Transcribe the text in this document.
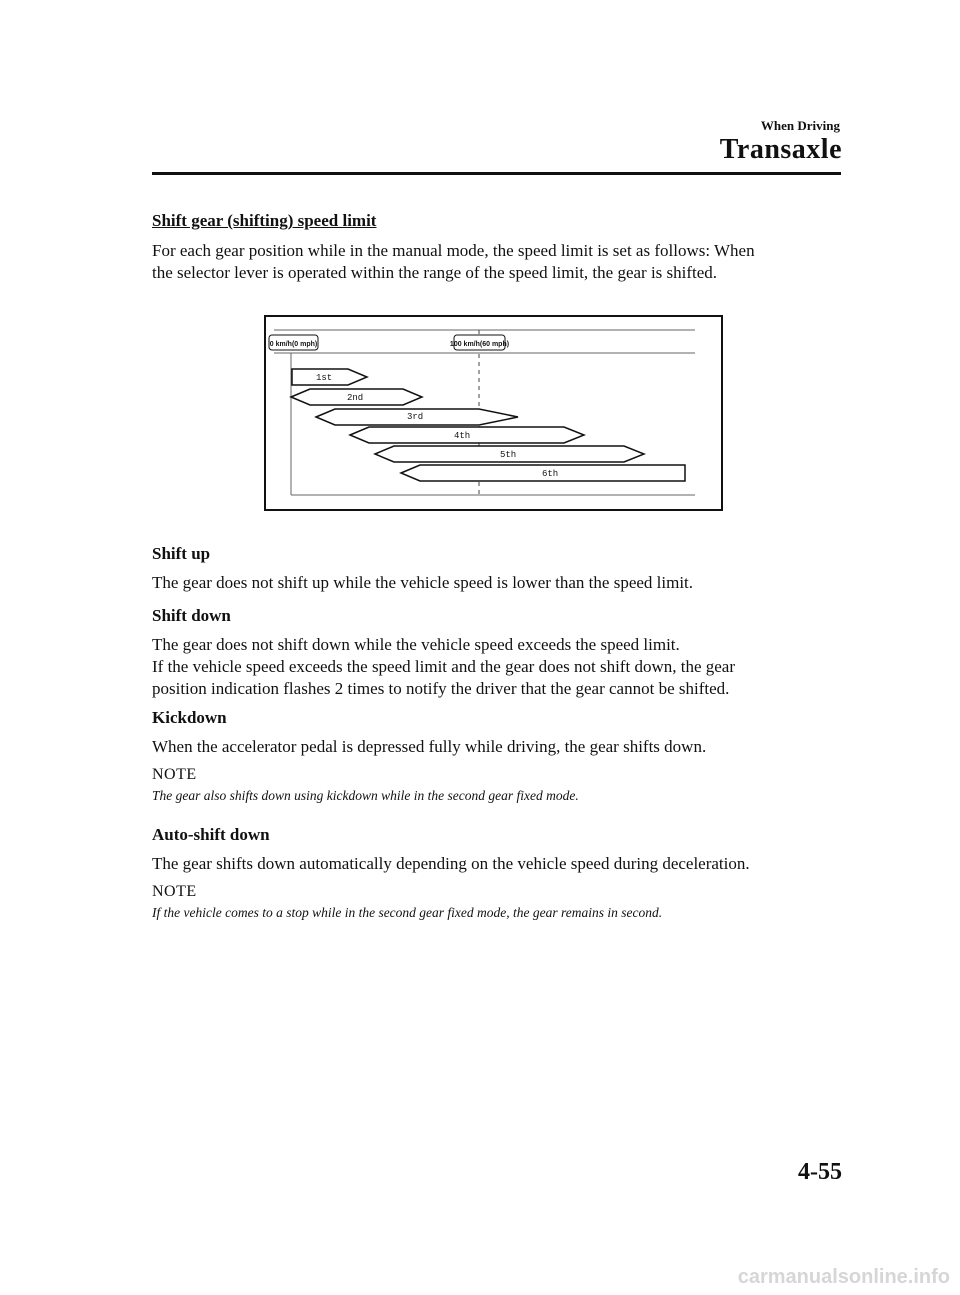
When Driving
Transaxle

Shift gear (shifting) speed limit

For each gear position while in the manual mode, the speed limit is set as follows: When

the selector lever is operated within the range of the speed limit, the gear is shifted.

0 km/h(0 mph)	100 km/h(60 mph)
1st
2nd
3rd
4th
5th
6th

Shift up

The gear does not shift up while the vehicle speed is lower than the speed limit.

Shift down

The gear does not shift down while the vehicle speed exceeds the speed limit.

If the vehicle speed exceeds the speed limit and the gear does not shift down, the gear

position indication flashes 2 times to notify the driver that the gear cannot be shifted.

Kickdown

When the accelerator pedal is depressed fully while driving, the gear shifts down.

NOTE
The gear also shifts down using kickdown while in the second gear fixed mode.

Auto-shift down

The gear shifts down automatically depending on the vehicle speed during deceleration.

NOTE
If the vehicle comes to a stop while in the second gear fixed mode, the gear remains in second.
4-55
carmanualsonline.info
